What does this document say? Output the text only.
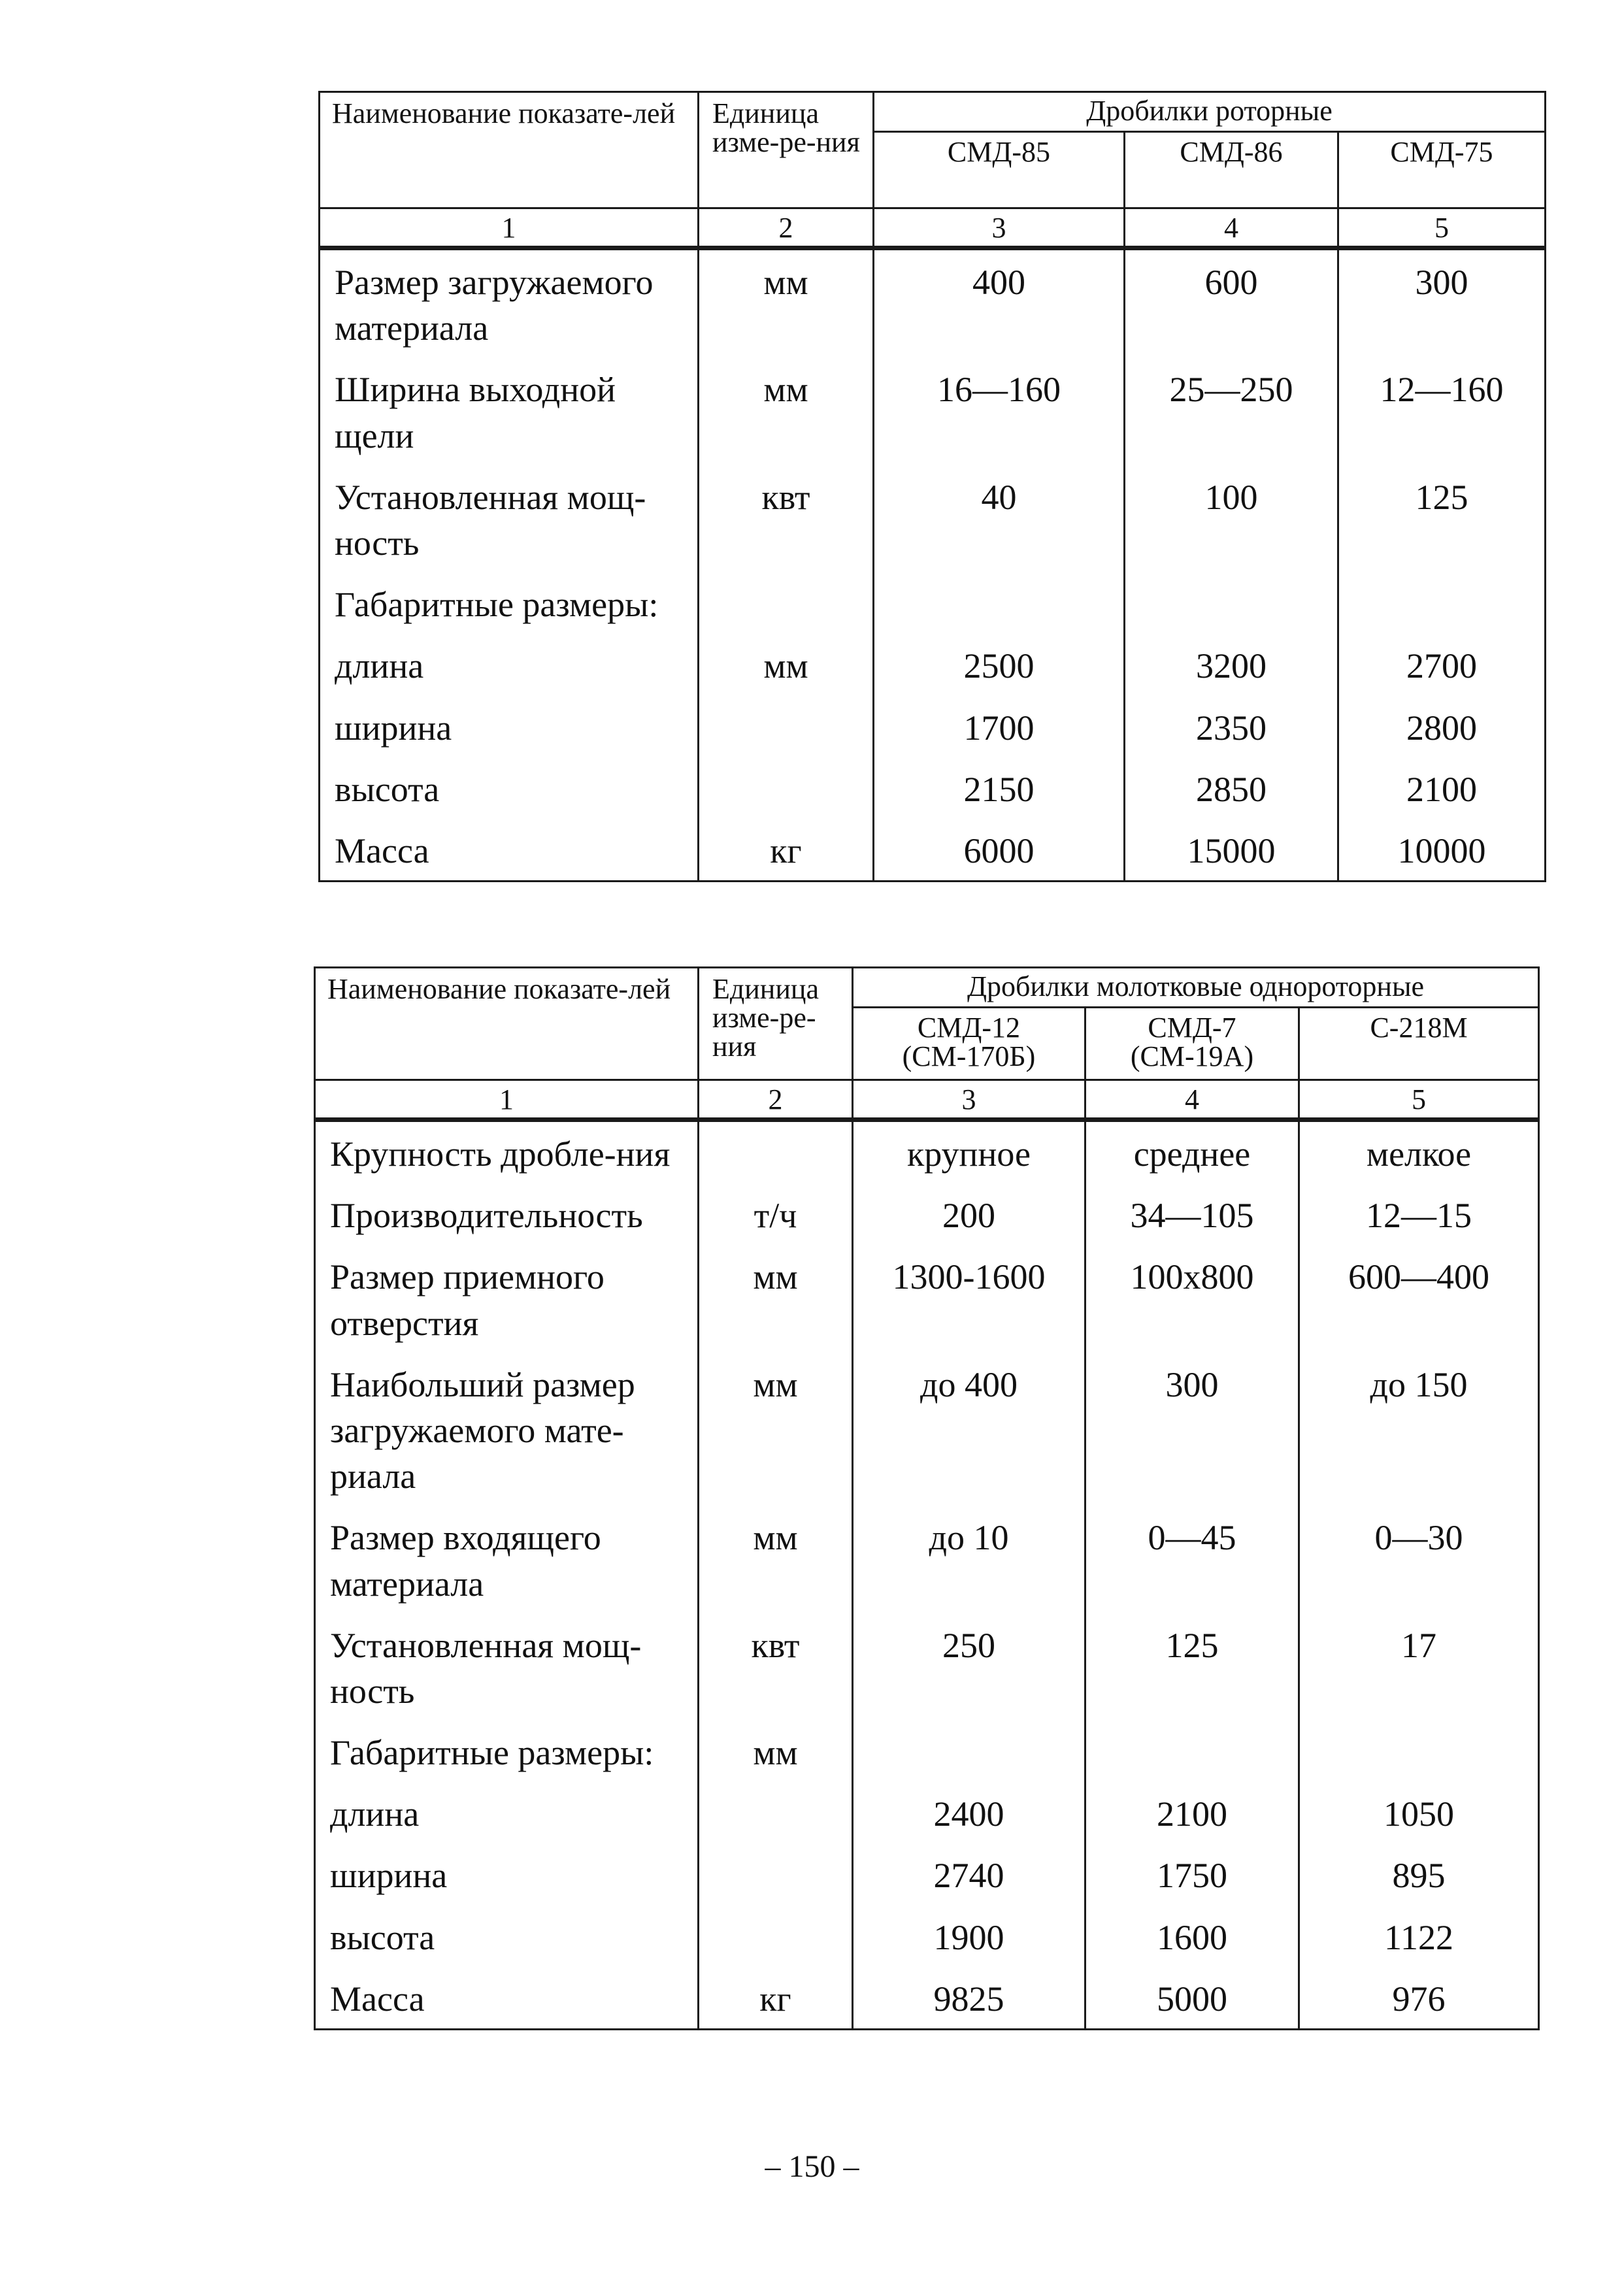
Наименование показате-лей	Единица изме-ре-ния	Дробилки роторные		
		СМД-85	СМД-86	СМД-75
1	2	3	4	5
Размер загружаемого материала	мм	400	600	300
Ширина выходной щели	мм	16—160	25—250	12—160
Установленная мощ-ность	квт	40	100	125
Габаритные размеры:				
длина	мм	2500	3200	2700
ширина		1700	2350	2800
высота		2150	2850	2100
Масса	кг	6000	15000	10000
Наименование показате-лей	Единица изме-ре-ния	Дробилки молотковые однороторные		
		СМД-12 (СМ-170Б)	СМД-7 (СМ-19А)	С-218М
1	2	3	4	5
Крупность дробле-ния		крупное	среднее	мелкое
Производительность	т/ч	200	34—105	12—15
Размер приемного отверстия	мм	1300-1600	100x800	600—400
Наибольший размер загружаемого мате-риала	мм	до 400	300	до 150
Размер входящего материала	мм	до 10	0—45	0—30
Установленная мощ-ность	квт	250	125	17
Габаритные размеры:	мм			
длина		2400	2100	1050
ширина		2740	1750	895
высота		1900	1600	1122
Масса	кг	9825	5000	976
– 150 –
